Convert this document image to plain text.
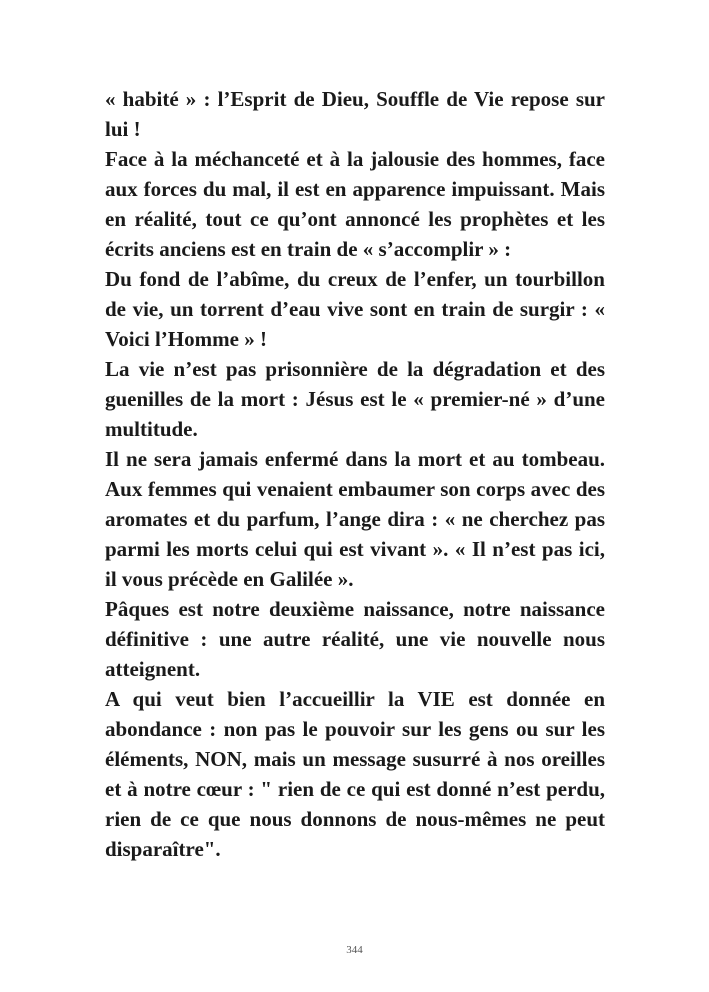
« habité » : l’Esprit de Dieu, Souffle de Vie repose sur lui !

Face à la méchanceté et à la jalousie des hommes, face aux forces du mal, il est en apparence impuissant. Mais en réalité, tout ce qu’ont annoncé les prophètes et les écrits anciens est en train de « s’accomplir » :

Du fond de l’abîme, du creux de l’enfer, un tourbillon de vie, un torrent d’eau vive sont en train de surgir : « Voici l’Homme » !

La vie n’est pas prisonnière de la dégradation et des guenilles de la mort : Jésus est le « premier-né » d’une multitude.

Il ne sera jamais enfermé dans la mort et au tombeau. Aux femmes qui venaient embaumer son corps avec des aromates et du parfum, l’ange dira : « ne cherchez pas parmi les morts celui qui est vivant ». « Il n’est pas ici, il vous précède en Galilée ».

Pâques est notre deuxième naissance, notre naissance définitive : une autre réalité, une vie nouvelle nous atteignent.

A qui veut bien l’accueillir la VIE est donnée en abondance : non pas le pouvoir sur les gens ou sur les éléments, NON, mais un message susurré à nos oreilles et à notre cœur : " rien de ce qui est donné n’est perdu, rien de ce que nous donnons de nous-mêmes ne peut disparaître".

344
